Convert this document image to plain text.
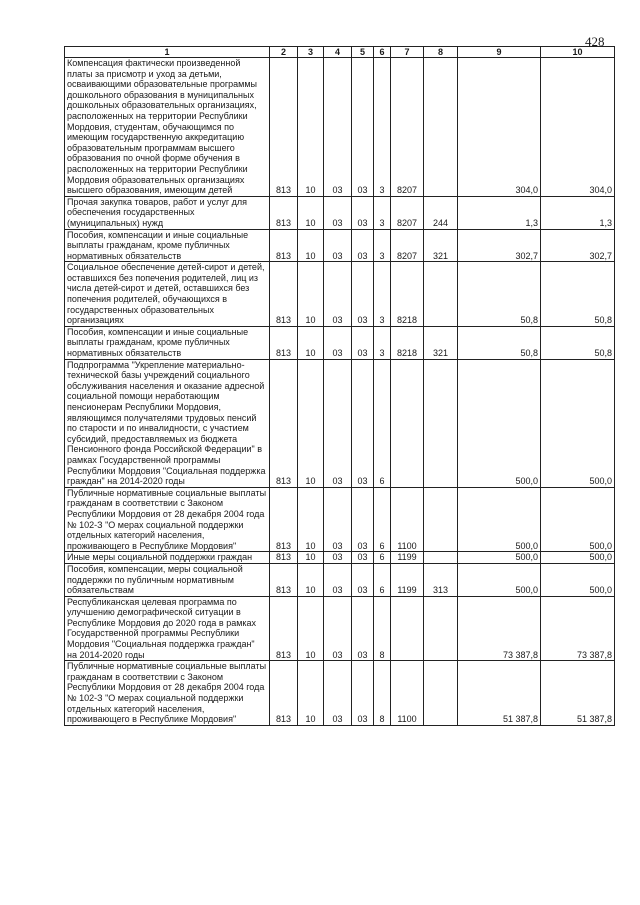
428
1	2	3	4	5	6	7	8	9	10
Компенсация фактически произведенной платы за присмотр и уход за детьми, осваивающими образовательные программы дошкольного образования в муниципальных дошкольных образовательных организациях, расположенных на территории Республики Мордовия, студентам, обучающимся по имеющим государственную аккредитацию образовательным программам высшего образования по очной форме обучения в расположенных на территории Республики Мордовия образовательных организациях высшего образования, имеющим детей	813	10	03	03	3	8207		304,0	304,0
Прочая закупка товаров, работ и услуг для обеспечения государственных (муниципальных) нужд	813	10	03	03	3	8207	244	1,3	1,3
Пособия, компенсации и иные социальные выплаты гражданам, кроме публичных нормативных обязательств	813	10	03	03	3	8207	321	302,7	302,7
Социальное обеспечение детей-сирот и детей, оставшихся без попечения родителей, лиц из числа детей-сирот и детей, оставшихся без попечения родителей, обучающихся в государственных образовательных организациях	813	10	03	03	3	8218		50,8	50,8
Пособия, компенсации и иные социальные выплаты гражданам, кроме публичных нормативных обязательств	813	10	03	03	3	8218	321	50,8	50,8
Подпрограмма "Укрепление материально-технической базы учреждений социального обслуживания населения и оказание адресной социальной помощи неработающим пенсионерам Республики Мордовия, являющимся получателями трудовых пенсий по старости и по инвалидности, с участием субсидий, предоставляемых из бюджета Пенсионного фонда Российской Федерации" в рамках Государственной программы Республики Мордовия "Социальная поддержка граждан" на 2014-2020 годы	813	10	03	03	6			500,0	500,0
Публичные нормативные социальные выплаты гражданам в соответствии с Законом Республики Мордовия от 28 декабря 2004 года № 102-З "О мерах социальной поддержки отдельных категорий населения, проживающего в Республике Мордовия"	813	10	03	03	6	1100		500,0	500,0
Иные меры социальной поддержки граждан	813	10	03	03	6	1199		500,0	500,0
Пособия, компенсации, меры социальной поддержки по публичным нормативным обязательствам	813	10	03	03	6	1199	313	500,0	500,0
Республиканская целевая программа по улучшению демографической ситуации в Республике Мордовия до 2020 года в рамках Государственной программы Республики Мордовия "Социальная поддержка граждан" на 2014-2020 годы	813	10	03	03	8			73 387,8	73 387,8
Публичные нормативные социальные выплаты гражданам в соответствии с Законом Республики Мордовия от 28 декабря 2004 года № 102-З "О мерах социальной поддержки отдельных категорий населения, проживающего в Республике Мордовия"	813	10	03	03	8	1100		51 387,8	51 387,8
